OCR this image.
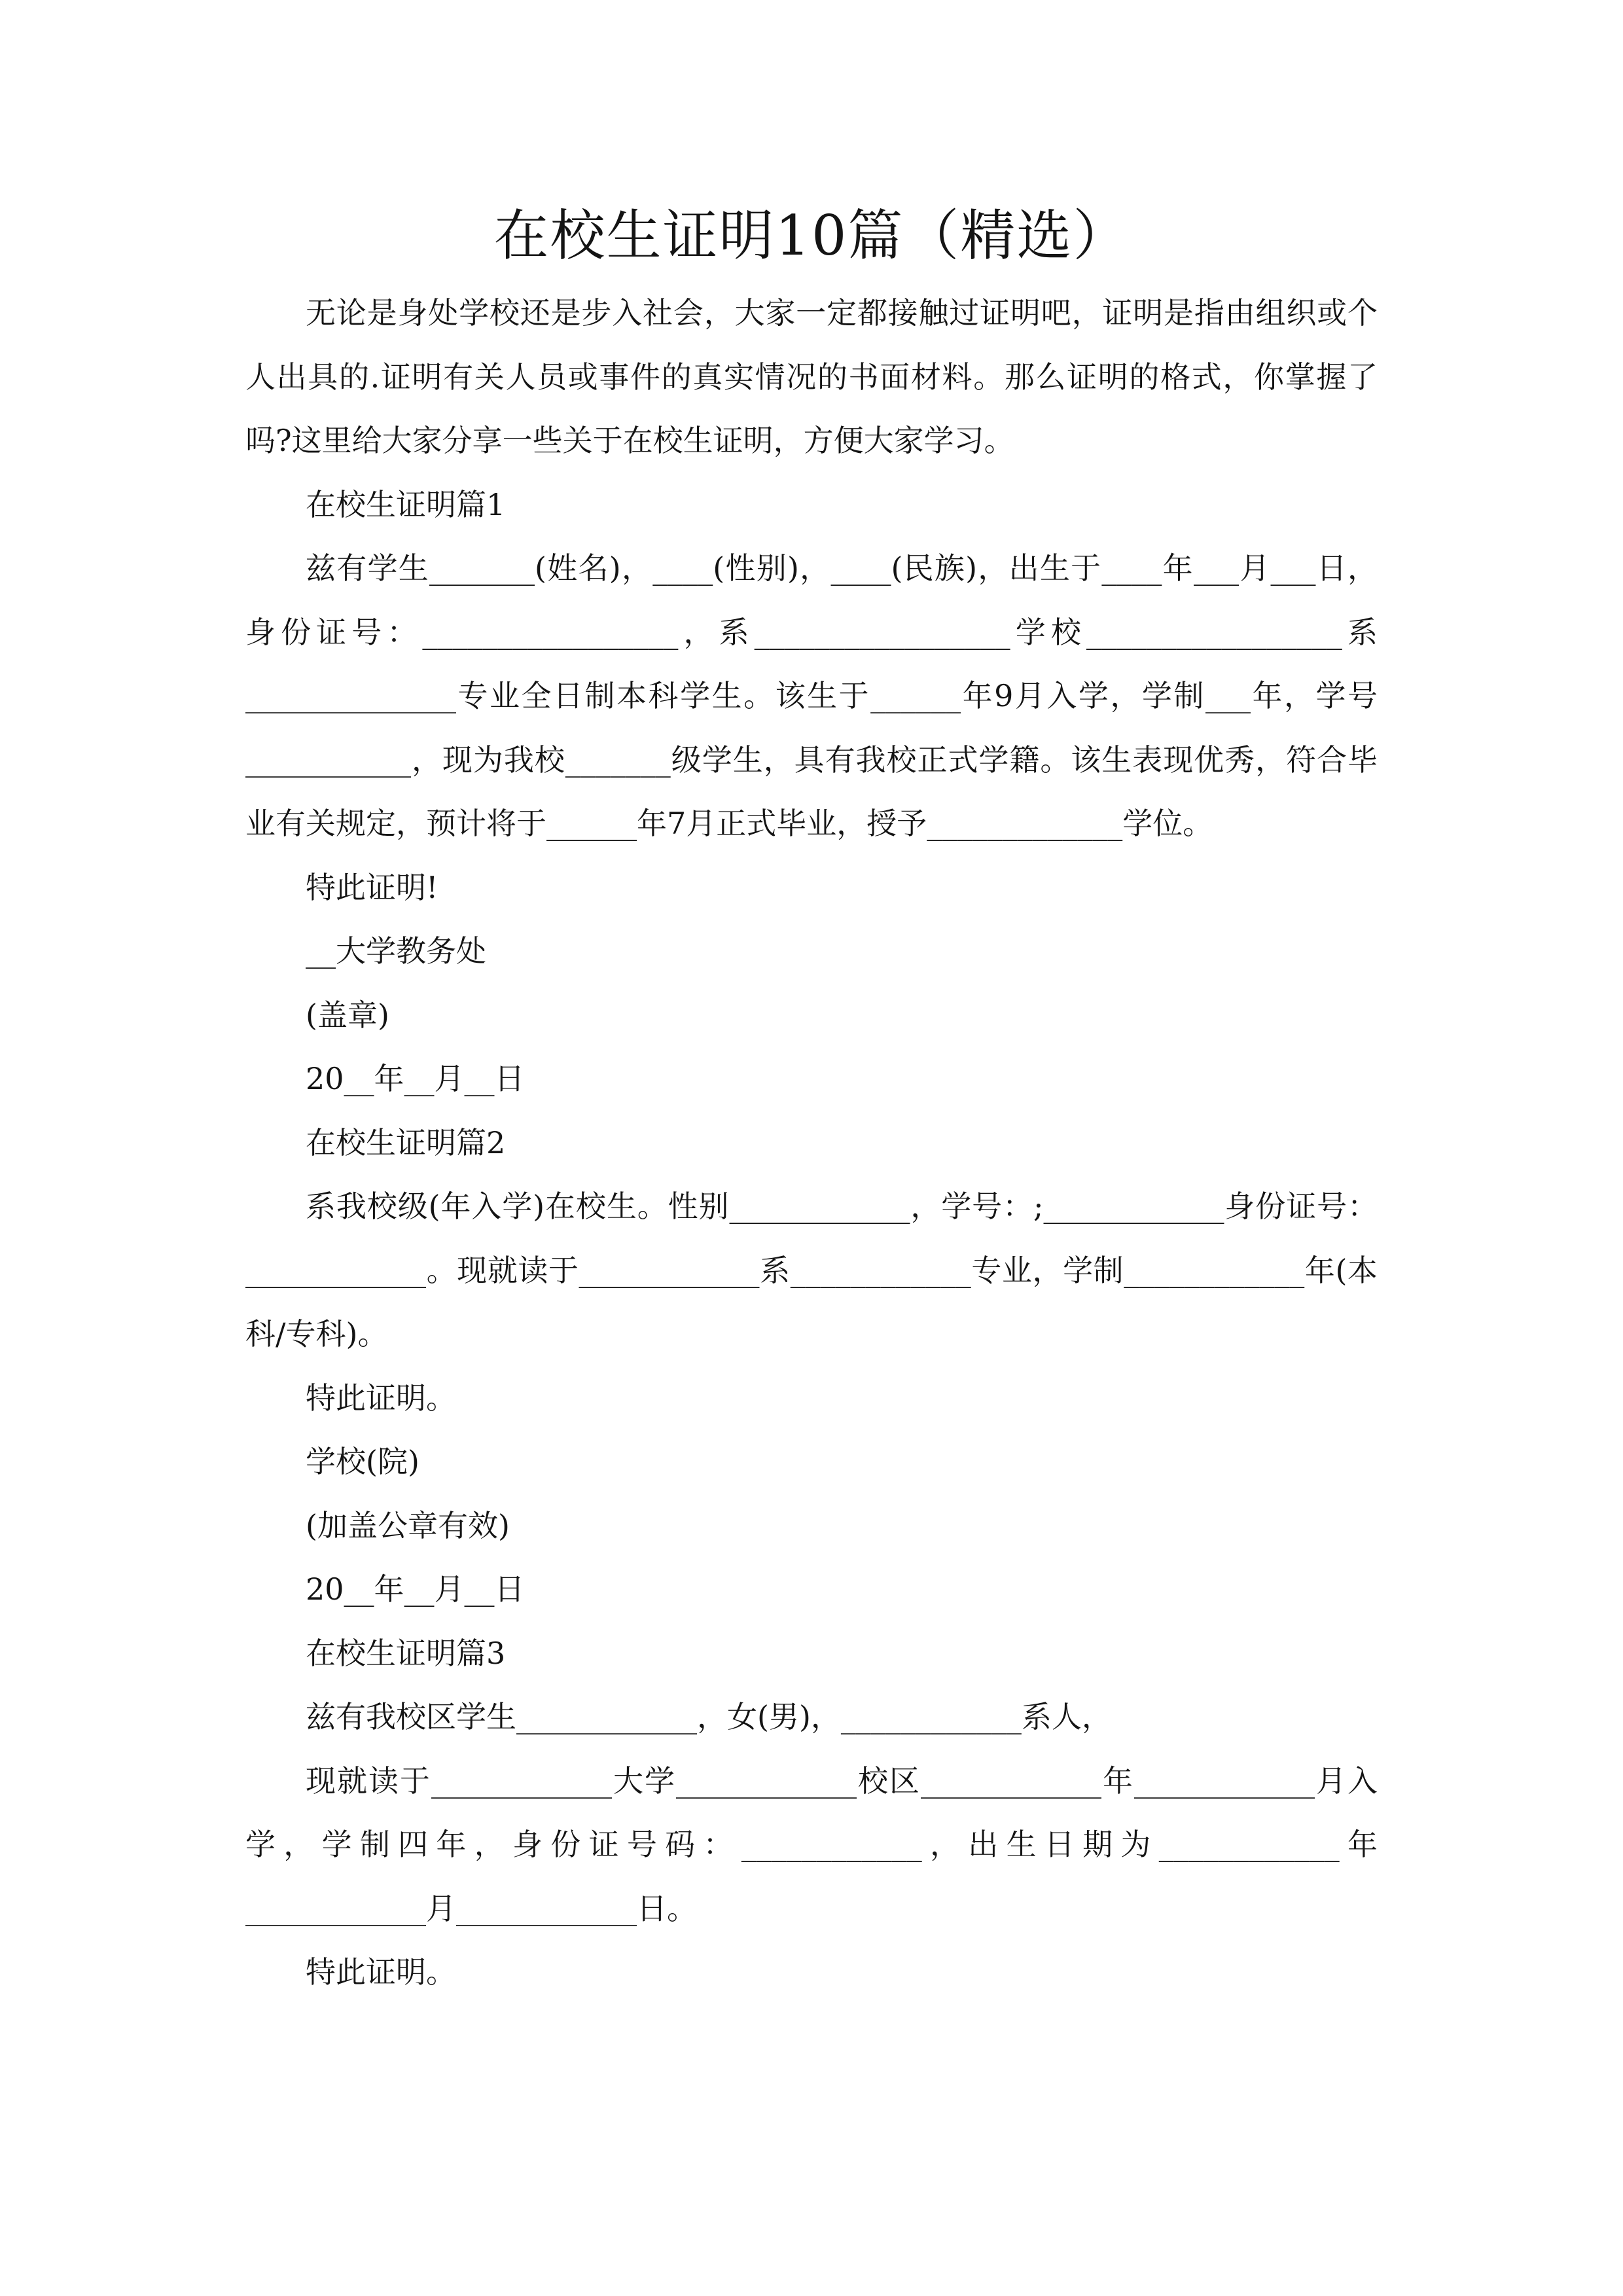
在校生证明10篇（精选）

无论是身处学校还是步入社会，大家一定都接触过证明吧，证明是指由组织或个人出具的.证明有关人员或事件的真实情况的书面材料。那么证明的格式，你掌握了吗?这里给大家分享一些关于在校生证明，方便大家学习。

在校生证明篇1

兹有学生_______(姓名)，____(性别)，____(民族)，出生于____年___月___日，身份证号：_________________，系_________________学校_________________系______________专业全日制本科学生。该生于______年9月入学，学制___年，学号___________，现为我校_______级学生，具有我校正式学籍。该生表现优秀，符合毕业有关规定，预计将于______年7月正式毕业，授予_____________学位。

特此证明!

__大学教务处

(盖章)

20__年__月__日

在校生证明篇2

系我校级(年入学)在校生。性别____________，学号：;____________身份证号：____________。现就读于____________系____________专业，学制____________年(本科/专科)。

特此证明。

学校(院)

(加盖公章有效)

20__年__月__日

在校生证明篇3

兹有我校区学生____________，女(男)，____________系人，

现就读于____________大学____________校区____________年____________月入学，学制四年，身份证号码：____________，出生日期为____________年____________月____________日。

特此证明。
